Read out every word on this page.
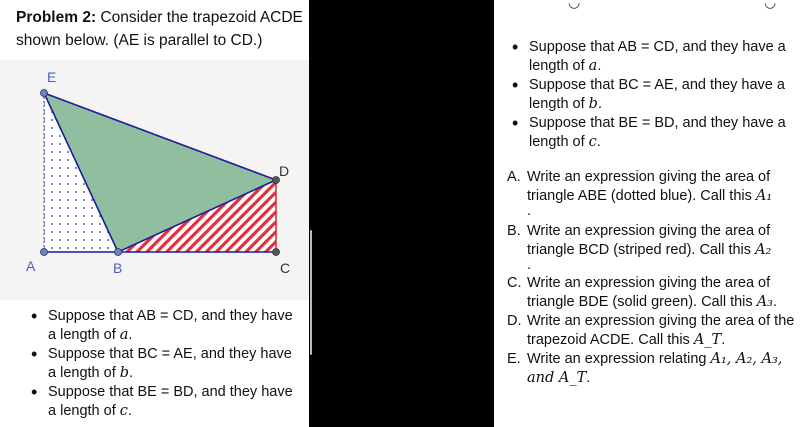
Problem 2: Consider the trapezoid ACDE shown below. (AE is parallel to CD.)

E
D
A	B	C
• Suppose that AB = CD, and they have a length of a.
• Suppose that BC = AE, and they have a length of b.
• Suppose that BE = BD, and they have a length of c.
◡	◡
• Suppose that AB = CD, and they have a length of a.
• Suppose that BC = AE, and they have a length of b.
• Suppose that BE = BD, and they have a length of c.
A. Write an expression giving the area of triangle ABE (dotted blue). Call this A₁
.
B. Write an expression giving the area of triangle BCD (striped red). Call this A₂
.
C. Write an expression giving the area of triangle BDE (solid green). Call this A₃.
D. Write an expression giving the area of the trapezoid ACDE. Call this A_T.
E. Write an expression relating A₁, A₂, A₃, and A_T.
